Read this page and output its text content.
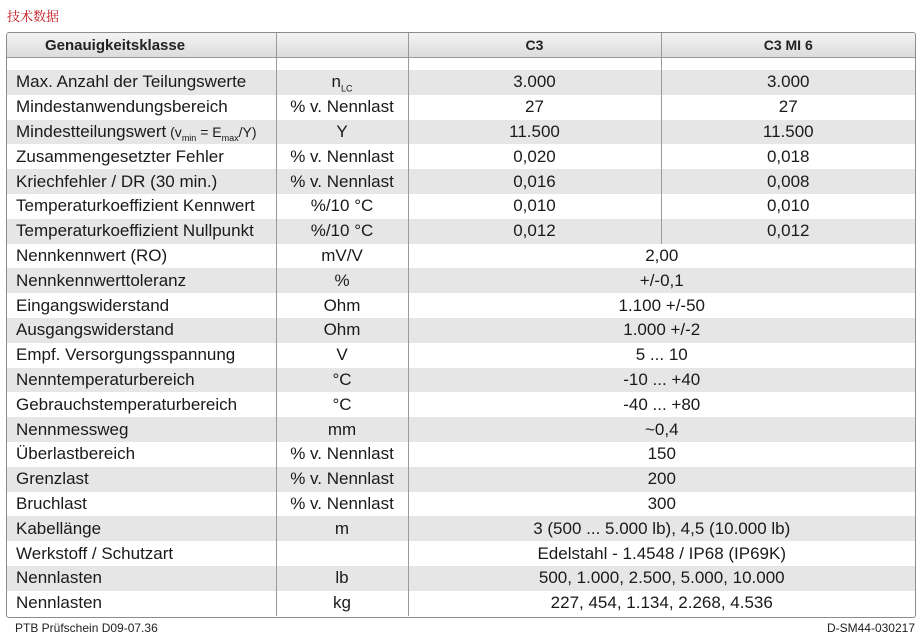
技术数据
Genauigkeitsklasse		C3	C3 MI 6

Max. Anzahl der Teilungswerte	$n_{LC}$	3.000	3.000
Mindestanwendungsbereich	% v. Nennlast	27	27
Mindestteilungswert $(v_{min} = E_{max}/Y)$	Y	11.500	11.500
Zusammengesetzter Fehler	% v. Nennlast	0,020	0,018
Kriechfehler / DR (30 min.)	% v. Nennlast	0,016	0,008
Temperaturkoeffizient Kennwert	%/10 °C	0,010	0,010
Temperaturkoeffizient Nullpunkt	%/10 °C	0,012	0,012
Nennkennwert (RO)	mV/V	2,00	
Nennkennwerttoleranz	%	+/-0,1	
Eingangswiderstand	Ohm	1.100 +/-50	
Ausgangswiderstand	Ohm	1.000 +/-2	
Empf. Versorgungsspannung	V	5 ... 10	
Nenntemperaturbereich	°C	-10 ... +40	
Gebrauchstemperaturbereich	°C	-40 ... +80	
Nennmessweg	mm	~0,4	
Überlastbereich	% v. Nennlast	150	
Grenzlast	% v. Nennlast	200	
Bruchlast	% v. Nennlast	300	
Kabellänge	m	3 (500 ... 5.000 lb), 4,5 (10.000 lb)	
Werkstoff / Schutzart		Edelstahl - 1.4548 / IP68 (IP69K)	
Nennlasten	lb	500, 1.000, 2.500, 5.000, 10.000	
Nennlasten	kg	227, 454, 1.134, 2.268, 4.536	
PTB Prüfschein D09-07.36	D-SM44-030217
